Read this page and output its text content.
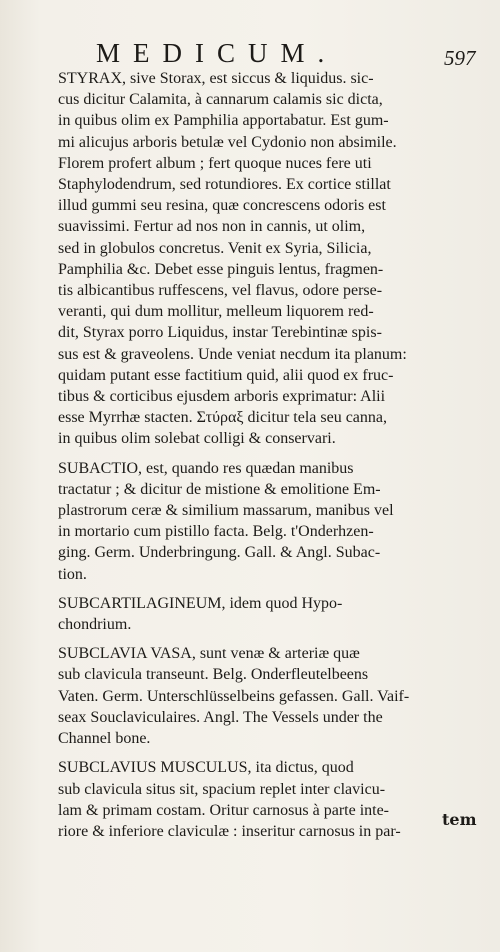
MEDICUM.	597

STYRAX, sive Storax, est siccus & liquidus. sic-

cus dicitur Calamita, à cannarum calamis sic dicta,

in quibus olim ex Pamphilia apportabatur. Est gum-

mi alicujus arboris betulæ vel Cydonio non absimile.

Florem profert album ; fert quoque nuces fere uti

Staphylodendrum, sed rotundiores. Ex cortice stillat

illud gummi seu resina, quæ concrescens odoris est

suavissimi. Fertur ad nos non in cannis, ut olim,

sed in globulos concretus. Venit ex Syria, Silicia,

Pamphilia &c. Debet esse pinguis lentus, fragmen-

tis albicantibus ruffescens, vel flavus, odore perse-

veranti, qui dum mollitur, melleum liquorem red-

dit, Styrax porro Liquidus, instar Terebintinæ spis-

sus est & graveolens. Unde veniat necdum ita planum:

quidam putant esse factitium quid, alii quod ex fruc-

tibus & corticibus ejusdem arboris exprimatur: Alii

esse Myrrhæ stacten. Στύραξ dicitur tela seu canna,

in quibus olim solebat colligi & conservari.

SUBACTIO, est, quando res quædan manibus

tractatur ; & dicitur de mistione & emolitione Em-

plastrorum ceræ & similium massarum, manibus vel

in mortario cum pistillo facta. Belg. t'Onderhzen-

ging. Germ. Underbringung. Gall. & Angl. Subac-

tion.

SUBCARTILAGINEUM, idem quod Hypo-

chondrium.

SUBCLAVIA VASA, sunt venæ & arteriæ quæ

sub clavicula transeunt. Belg. Onderfleutelbeens

Vaten. Germ. Unterschlüsselbeins gefassen. Gall. Vaif-

seax Souclaviculaires. Angl. The Vessels under the

Channel bone.

SUBCLAVIUS MUSCULUS, ita dictus, quod

sub clavicula situs sit, spacium replet inter clavicu-

lam & primam costam. Oritur carnosus à parte inte-

riore & inferiore claviculæ : inseritur carnosus in par-

tem
